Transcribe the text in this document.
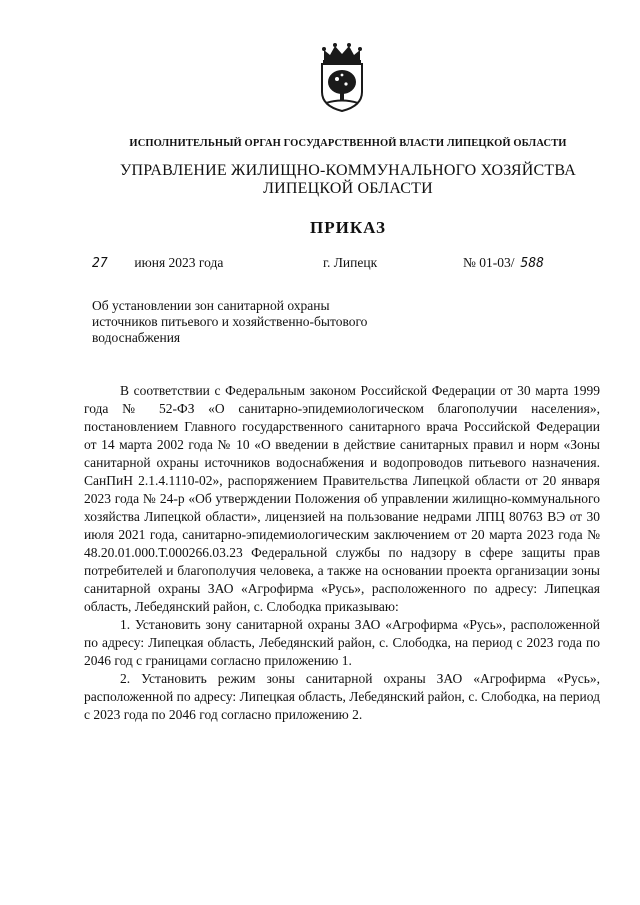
ИСПОЛНИТЕЛЬНЫЙ ОРГАН ГОСУДАРСТВЕННОЙ ВЛАСТИ ЛИПЕЦКОЙ ОБЛАСТИ
УПРАВЛЕНИЕ ЖИЛИЩНО-КОММУНАЛЬНОГО ХОЗЯЙСТВА
ЛИПЕЦКОЙ ОБЛАСТИ
ПРИКАЗ
27 июня 2023 года	г. Липецк	№ 01-03/ 588
Об установлении зон санитарной охраны
источников питьевого и хозяйственно-бытового
водоснабжения

В соответствии с Федеральным законом Российской Федерации от 30 марта 1999 года № 52-ФЗ «О санитарно-эпидемиологическом благополучии населения», постановлением Главного государственного санитарного врача Российской Федерации от 14 марта 2002 года № 10 «О введении в действие санитарных правил и норм «Зоны санитарной охраны источников водоснабжения и водопроводов питьевого назначения. СанПиН 2.1.4.1110-02», распоряжением Правительства Липецкой области от 20 января 2023 года № 24-р «Об утверждении Положения об управлении жилищно-коммунального хозяйства Липецкой области», лицензией на пользование недрами ЛПЦ 80763 ВЭ от 30 июля 2021 года, санитарно-эпидемиологическим заключением от 20 марта 2023 года № 48.20.01.000.Т.000266.03.23 Федеральной службы по надзору в сфере защиты прав потребителей и благополучия человека, а также на основании проекта организации зоны санитарной охраны ЗАО «Агрофирма «Русь», расположенного по адресу: Липецкая область, Лебедянский район, с. Слободка приказываю:

1. Установить зону санитарной охраны ЗАО «Агрофирма «Русь», расположенной по адресу: Липецкая область, Лебедянский район, с. Слободка, на период с 2023 года по 2046 год с границами согласно приложению 1.

2. Установить режим зоны санитарной охраны ЗАО «Агрофирма «Русь», расположенной по адресу: Липецкая область, Лебедянский район, с. Слободка, на период с 2023 года по 2046 год согласно приложению 2.
